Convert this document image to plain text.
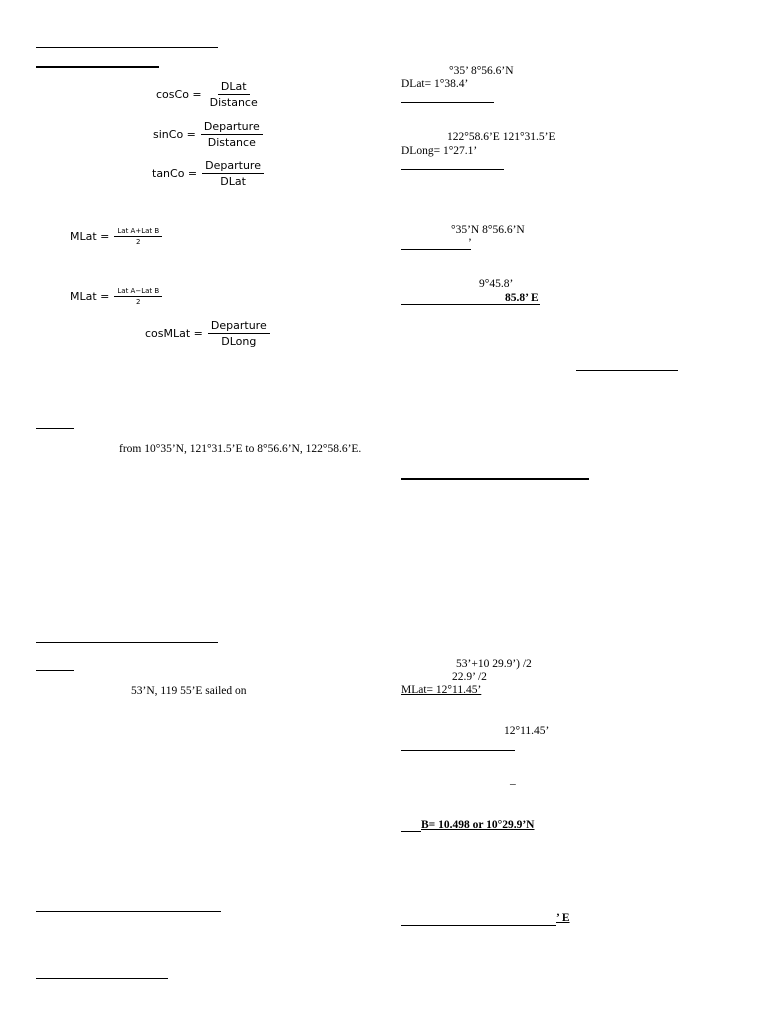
cosCo = $\frac{\text{DLat}}{\text{Distance}}$
sinCo = $\frac{\text{Departure}}{\text{Distance}}$
tanCo = $\frac{\text{Departure}}{\text{DLat}}$
MLat = $\frac{\text{Lat A+Lat B}}{2}$
MLat = $\frac{\text{Lat A−Lat B}}{2}$
cosMLat = $\frac{\text{Departure}}{\text{DLong}}$
from 10°35’N, 121°31.5’E to 8°56.6’N, 122°58.6’E.
53’N, 119 55’E sailed on
°35’ 8°56.6’N
DLat= 1°38.4’
122°58.6’E 121°31.5’E
DLong= 1°27.1’
°35’N 8°56.6’N
’
9°45.8’
85.8’ E
53’+10 29.9’) /2
22.9’ /2
MLat= 12°11.45’
12°11.45’
–
B= 10.498 or 10°29.9’N
’ E
